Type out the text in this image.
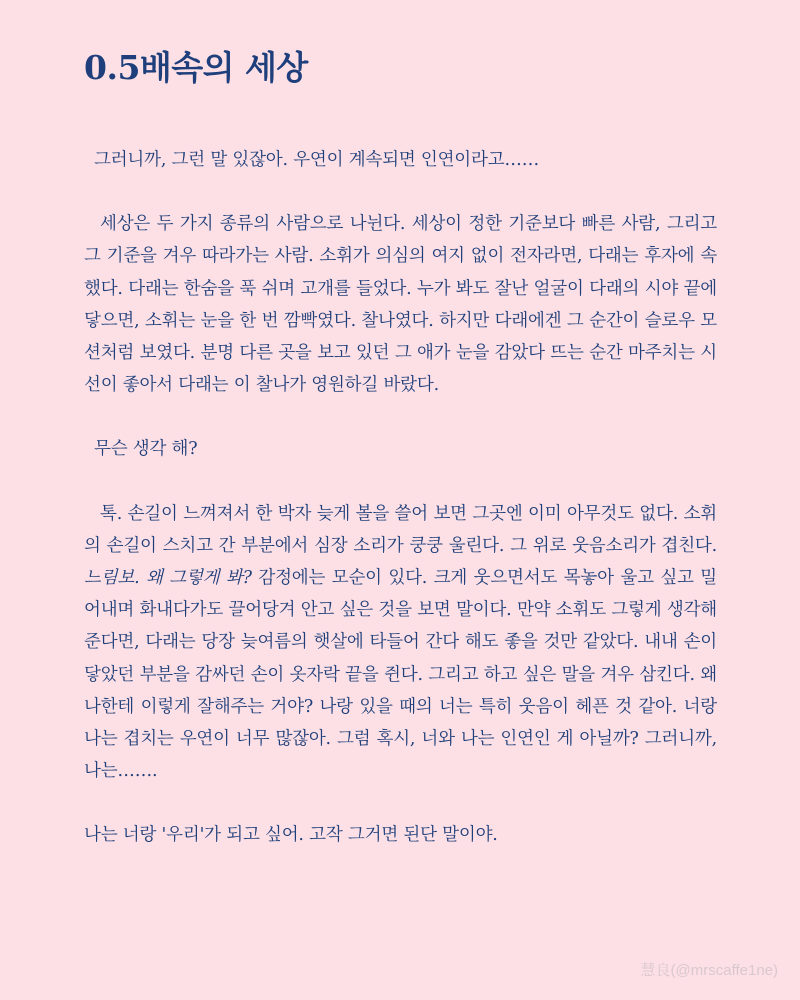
0.5배속의 세상

그러니까, 그런 말 있잖아. 우연이 계속되면 인연이라고……

세상은 두 가지 종류의 사람으로 나뉜다. 세상이 정한 기준보다 빠른 사람, 그리고 그 기준을 겨우 따라가는 사람. 소휘가 의심의 여지 없이 전자라면, 다래는 후자에 속했다. 다래는 한숨을 푹 쉬며 고개를 들었다. 누가 봐도 잘난 얼굴이 다래의 시야 끝에 닿으면, 소휘는 눈을 한 번 깜빡였다. 찰나였다. 하지만 다래에겐 그 순간이 슬로우 모션처럼 보였다. 분명 다른 곳을 보고 있던 그 애가 눈을 감았다 뜨는 순간 마주치는 시선이 좋아서 다래는 이 찰나가 영원하길 바랐다.

무슨 생각 해?

톡. 손길이 느껴져서 한 박자 늦게 볼을 쓸어 보면 그곳엔 이미 아무것도 없다. 소휘의 손길이 스치고 간 부분에서 심장 소리가 쿵쿵 울린다. 그 위로 웃음소리가 겹친다. 느림보. 왜 그렇게 봐? 감정에는 모순이 있다. 크게 웃으면서도 목놓아 울고 싶고 밀어내며 화내다가도 끌어당겨 안고 싶은 것을 보면 말이다. 만약 소휘도 그렇게 생각해준다면, 다래는 당장 늦여름의 햇살에 타들어 간다 해도 좋을 것만 같았다. 내내 손이 닿았던 부분을 감싸던 손이 옷자락 끝을 쥔다. 그리고 하고 싶은 말을 겨우 삼킨다. 왜 나한테 이렇게 잘해주는 거야? 나랑 있을 때의 너는 특히 웃음이 헤픈 것 같아. 너랑 나는 겹치는 우연이 너무 많잖아. 그럼 혹시, 너와 나는 인연인 게 아닐까? 그러니까, 나는…….

나는 너랑 '우리'가 되고 싶어. 고작 그거면 된단 말이야.

慧良(@mrscaffe1ne)
